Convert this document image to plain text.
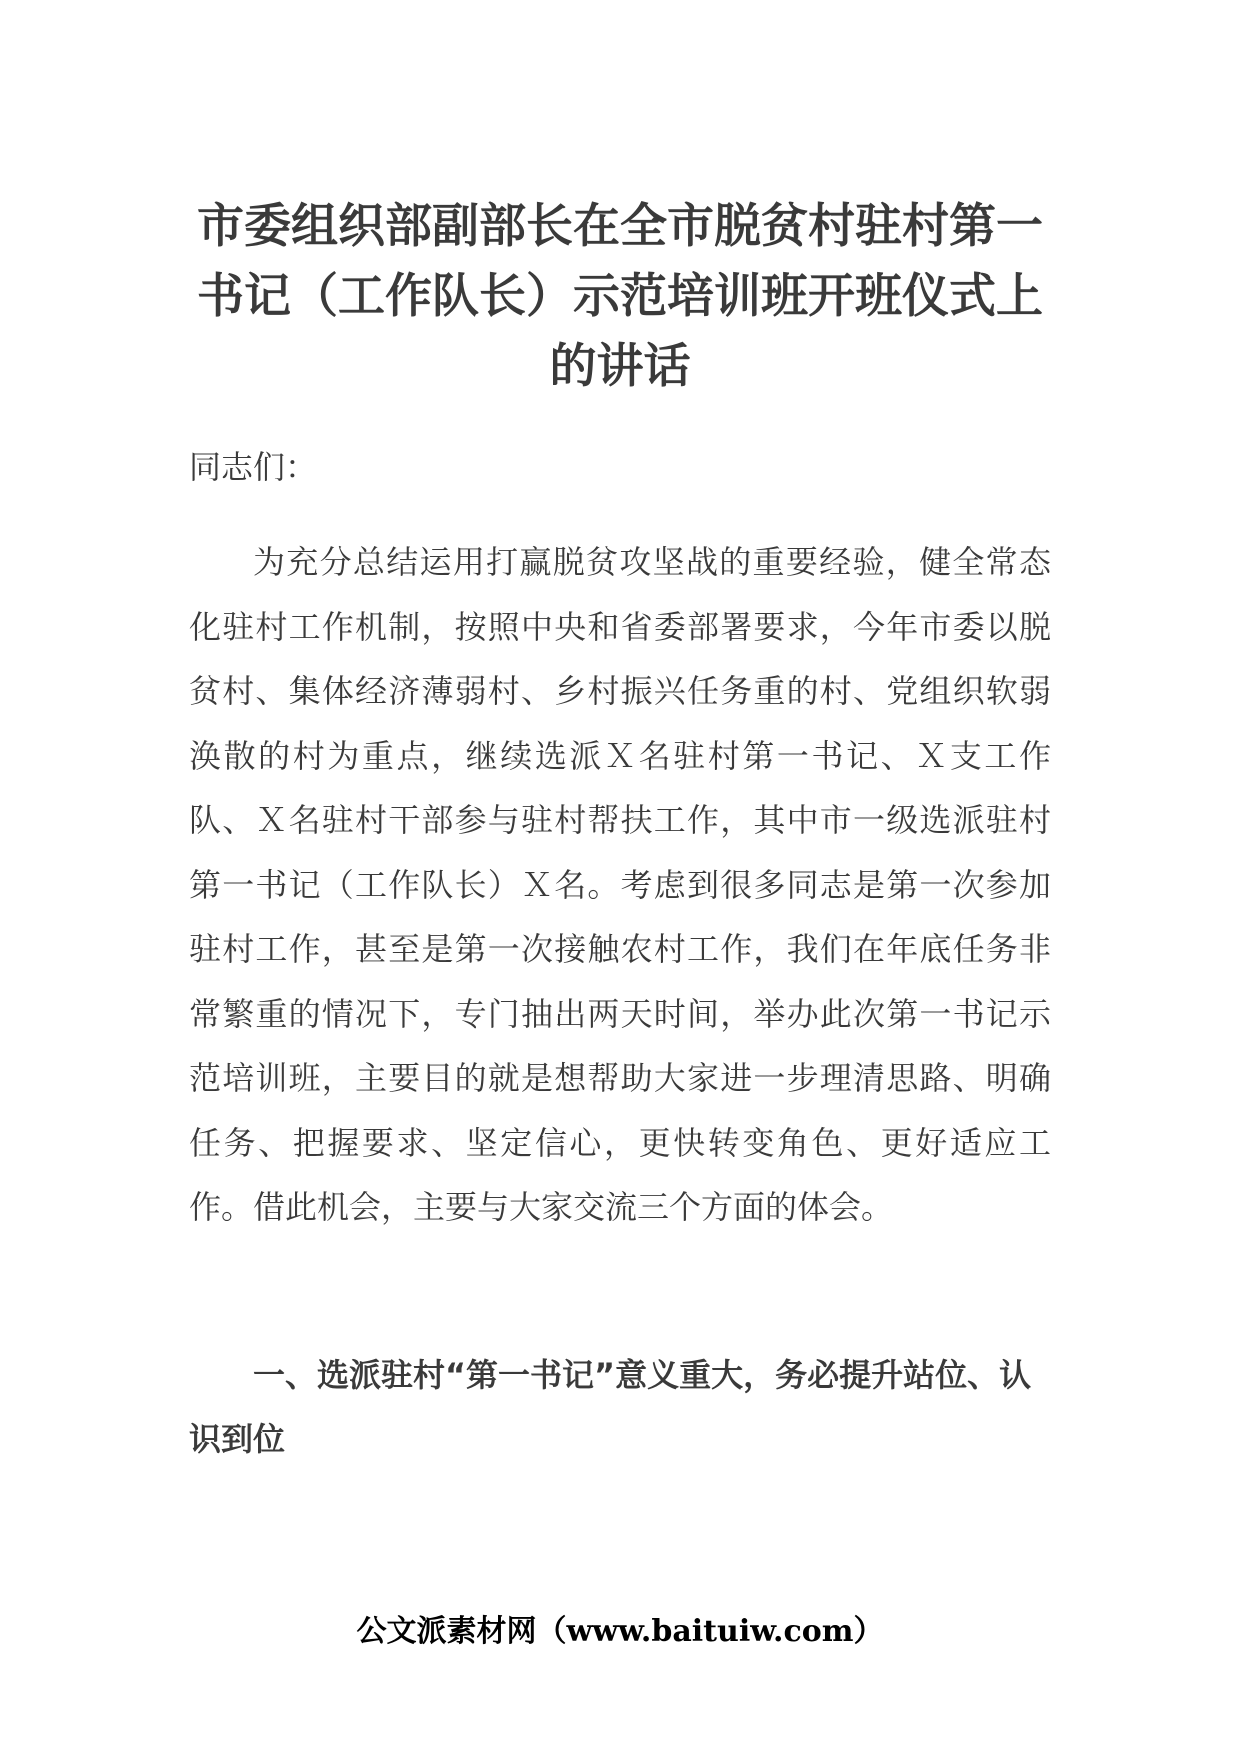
市委组织部副部长在全市脱贫村驻村第一书记（工作队长）示范培训班开班仪式上的讲话

同志们：

为充分总结运用打赢脱贫攻坚战的重要经验，健全常态化驻村工作机制，按照中央和省委部署要求，今年市委以脱贫村、集体经济薄弱村、乡村振兴任务重的村、党组织软弱涣散的村为重点，继续选派Ｘ名驻村第一书记、Ｘ支工作队、Ｘ名驻村干部参与驻村帮扶工作，其中市一级选派驻村第一书记（工作队长）Ｘ名。考虑到很多同志是第一次参加驻村工作，甚至是第一次接触农村工作，我们在年底任务非常繁重的情况下，专门抽出两天时间，举办此次第一书记示范培训班，主要目的就是想帮助大家进一步理清思路、明确任务、把握要求、坚定信心，更快转变角色、更好适应工作。借此机会，主要与大家交流三个方面的体会。

一、选派驻村“第一书记”意义重大，务必提升站位、认识到位

公文派素材网（www.baituiw.com）
